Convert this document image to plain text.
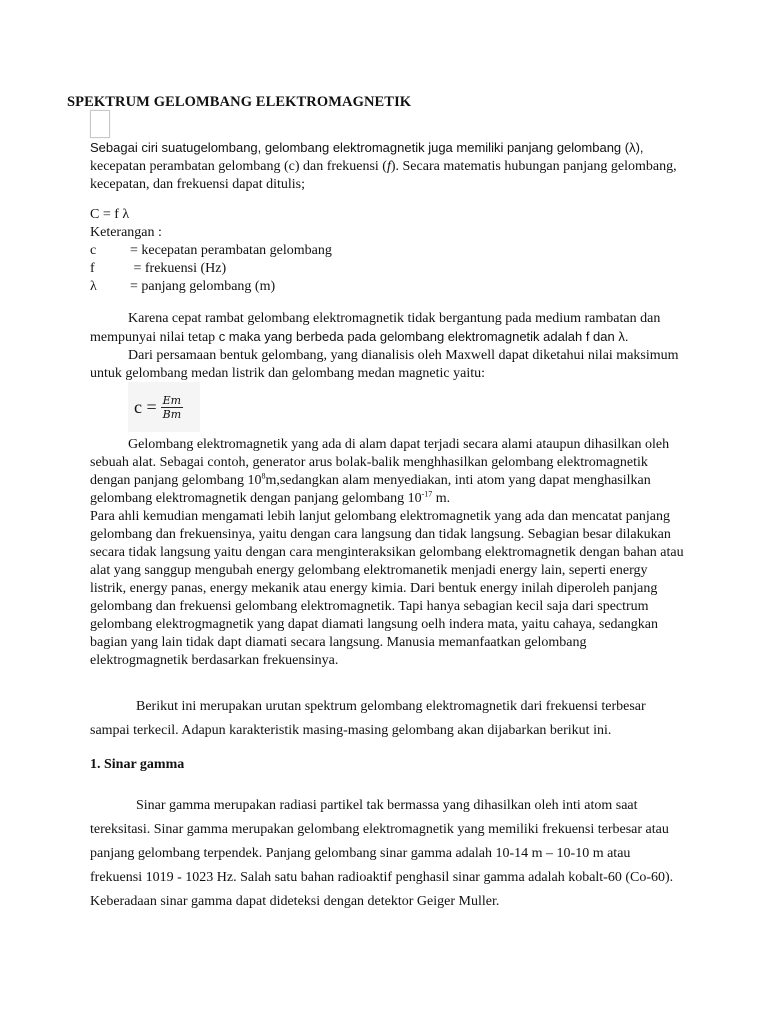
SPEKTRUM GELOMBANG ELEKTROMAGNETIK

Sebagai ciri suatugelombang, gelombang elektromagnetik juga memiliki panjang gelombang (λ),

kecepatan perambatan gelombang (c) dan frekuensi (f). Secara matematis hubungan panjang gelombang,

kecepatan, dan frekuensi dapat ditulis;

C = f λ

Keterangan :

c	= kecepatan perambatan gelombang
f	= frekuensi (Hz)
λ	= panjang gelombang (m)

Karena cepat rambat gelombang elektromagnetik tidak bergantung pada medium rambatan dan

mempunyai nilai tetap c maka yang berbeda pada gelombang elektromagnetik adalah f dan λ.

Dari persamaan bentuk gelombang, yang dianalisis oleh Maxwell dapat diketahui nilai maksimum

untuk gelombang medan listrik dan gelombang medan magnetic yaitu:

$c = \frac{Em}{Bm}$

Gelombang elektromagnetik yang ada di alam dapat terjadi secara alami ataupun dihasilkan oleh

sebuah alat. Sebagai contoh, generator arus bolak-balik menghhasilkan gelombang elektromagnetik

dengan panjang gelombang $10^8m,sedangkan$ alam menyediakan, inti atom yang dapat menghasilkan

gelombang elektromagnetik dengan panjang gelombang $10^{-17}$ m.

Para ahli kemudian mengamati lebih lanjut gelombang elektromagnetik yang ada dan mencatat panjang gelombang dan frekuensinya, yaitu dengan cara langsung dan tidak langsung. Sebagian besar dilakukan secara tidak langsung yaitu dengan cara menginteraksikan gelombang elektromagnetik dengan bahan atau alat yang sanggup mengubah energy gelombang elektromanetik menjadi energy lain, seperti energy listrik, energy panas, energy mekanik atau energy kimia. Dari bentuk energy inilah diperoleh panjang gelombang dan frekuensi gelombang elektromagnetik. Tapi hanya sebagian kecil saja dari spectrum gelombang elektrogmagnetik yang dapat diamati langsung oelh indera mata, yaitu cahaya, sedangkan bagian yang lain tidak dapt diamati secara langsung. Manusia memanfaatkan gelombang elektrogmagnetik berdasarkan frekuensinya.

Berikut ini merupakan urutan spektrum gelombang elektromagnetik dari frekuensi terbesar sampai terkecil. Adapun karakteristik masing-masing gelombang akan dijabarkan berikut ini.

1. Sinar gamma

Sinar gamma merupakan radiasi partikel tak bermassa yang dihasilkan oleh inti atom saat tereksitasi. Sinar gamma merupakan gelombang elektromagnetik yang memiliki frekuensi terbesar atau panjang gelombang terpendek. Panjang gelombang sinar gamma adalah 10-14 m – 10-10 m atau frekuensi 1019 - 1023 Hz. Salah satu bahan radioaktif penghasil sinar gamma adalah kobalt-60 (Co-60). Keberadaan sinar gamma dapat dideteksi dengan detektor Geiger Muller.
